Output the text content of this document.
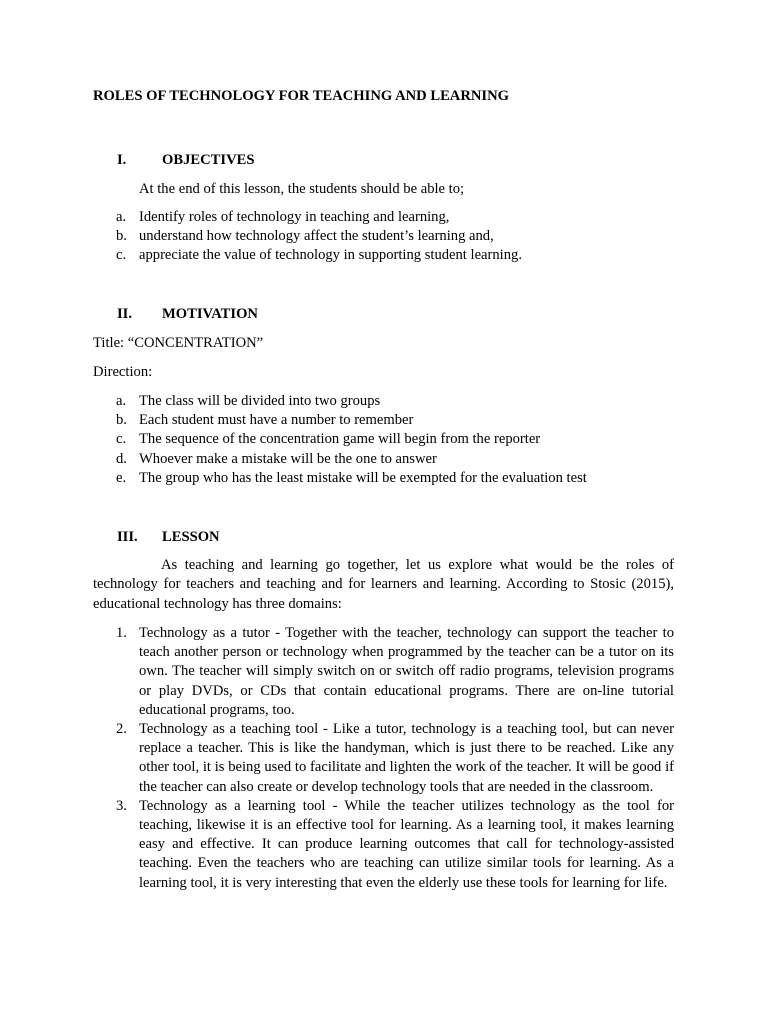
ROLES OF TECHNOLOGY FOR TEACHING AND LEARNING
I. OBJECTIVES
At the end of this lesson, the students should be able to;
a. Identify roles of technology in teaching and learning,
b. understand how technology affect the student’s learning and,
c. appreciate the value of technology in supporting student learning.
II. MOTIVATION
Title: “CONCENTRATION”
Direction:
a. The class will be divided into two groups
b. Each student must have a number to remember
c. The sequence of the concentration game will begin from the reporter
d. Whoever make a mistake will be the one to answer
e. The group who has the least mistake will be exempted for the evaluation test
III. LESSON

As teaching and learning go together, let us explore what would be the roles of technology for teachers and teaching and for learners and learning. According to Stosic (2015), educational technology has three domains:

1. Technology as a tutor - Together with the teacher, technology can support the teacher to teach another person or technology when programmed by the teacher can be a tutor on its own. The teacher will simply switch on or switch off radio programs, television programs or play DVDs, or CDs that contain educational programs. There are on-line tutorial educational programs, too.
2. Technology as a teaching tool - Like a tutor, technology is a teaching tool, but can never replace a teacher. This is like the handyman, which is just there to be reached. Like any other tool, it is being used to facilitate and lighten the work of the teacher. It will be good if the teacher can also create or develop technology tools that are needed in the classroom.
3. Technology as a learning tool - While the teacher utilizes technology as the tool for teaching, likewise it is an effective tool for learning. As a learning tool, it makes learning easy and effective. It can produce learning outcomes that call for technology-assisted teaching. Even the teachers who are teaching can utilize similar tools for learning. As a learning tool, it is very interesting that even the elderly use these tools for learning for life.
